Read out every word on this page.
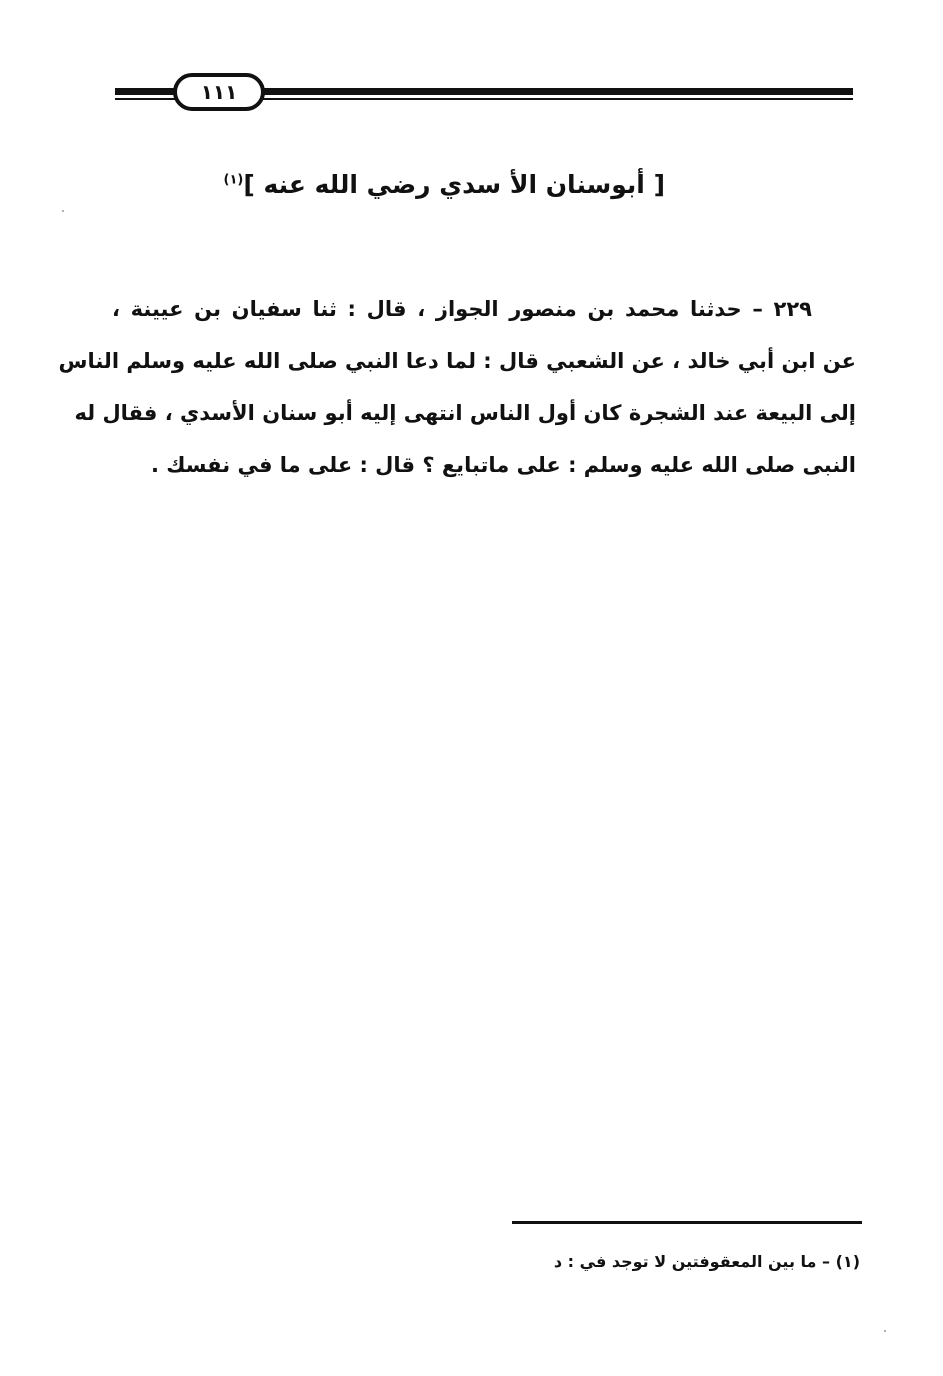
١١١
[ أبوسنان الأ سدي رضي الله عنه ]$^{(١)}$
٢٢٩ – حدثنا محمد بن منصور الجواز ، قال : ثنا سفيان بن عيينة ،
عن ابن أبي خالد ، عن الشعبي قال : لما دعا النبي صلى الله عليه وسلم الناس
إلى البيعة عند الشجرة كان أول الناس انتهى إليه أبو سنان الأسدي ، فقال له
النبى صلى الله عليه وسلم : على ماتبايع ؟ قال : على ما في نفسك .
(١) – ما بين المعقوفتين لا توجد في : د
